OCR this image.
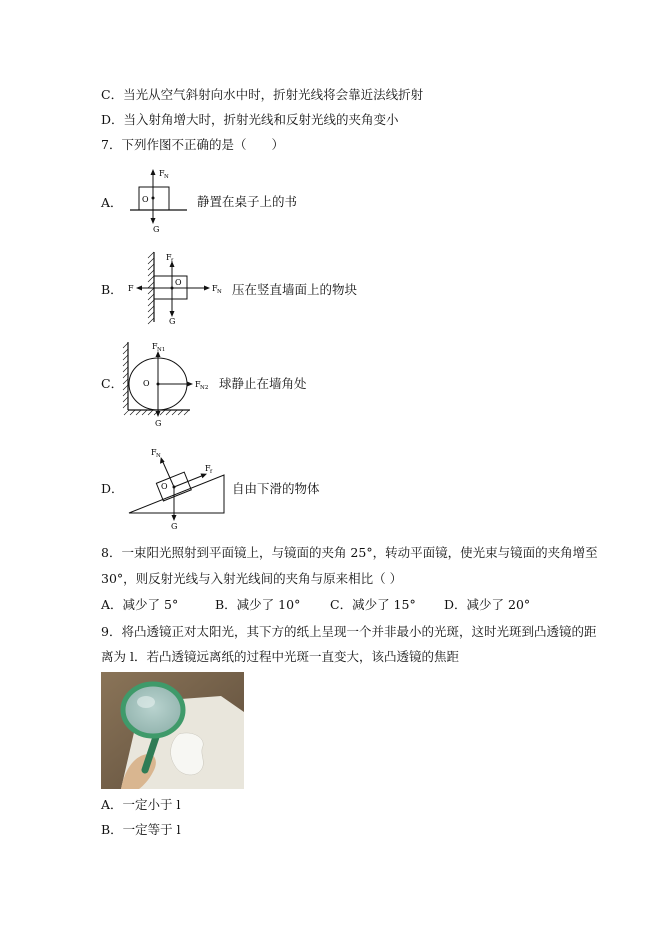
C．当光从空气斜射向水中时，折射光线将会靠近法线折射
D．当入射角增大时，折射光线和反射光线的夹角变小
7．下列作图不正确的是（　　）
A．
F N
O
G
静置在桌子上的书
B．
F f
F
O
F N
G
压在竖直墙面上的物块
C．
F N1
O	F N2
G
球静止在墙角处
D．
F N
F f
O
G
自由下滑的物体
8．一束阳光照射到平面镜上，与镜面的夹角 25°，转动平面镜，使光束与镜面的夹角增至
30°，则反射光线与入射光线间的夹角与原来相比（ ）
A．减少了 5°	B．减少了 10° C．减少了 15° D．减少了 20°
9．将凸透镜正对太阳光，其下方的纸上呈现一个并非最小的光斑，这时光斑到凸透镜的距
离为 l．若凸透镜远离纸的过程中光斑一直变大，该凸透镜的焦距
A．一定小于 l
B．一定等于 l
